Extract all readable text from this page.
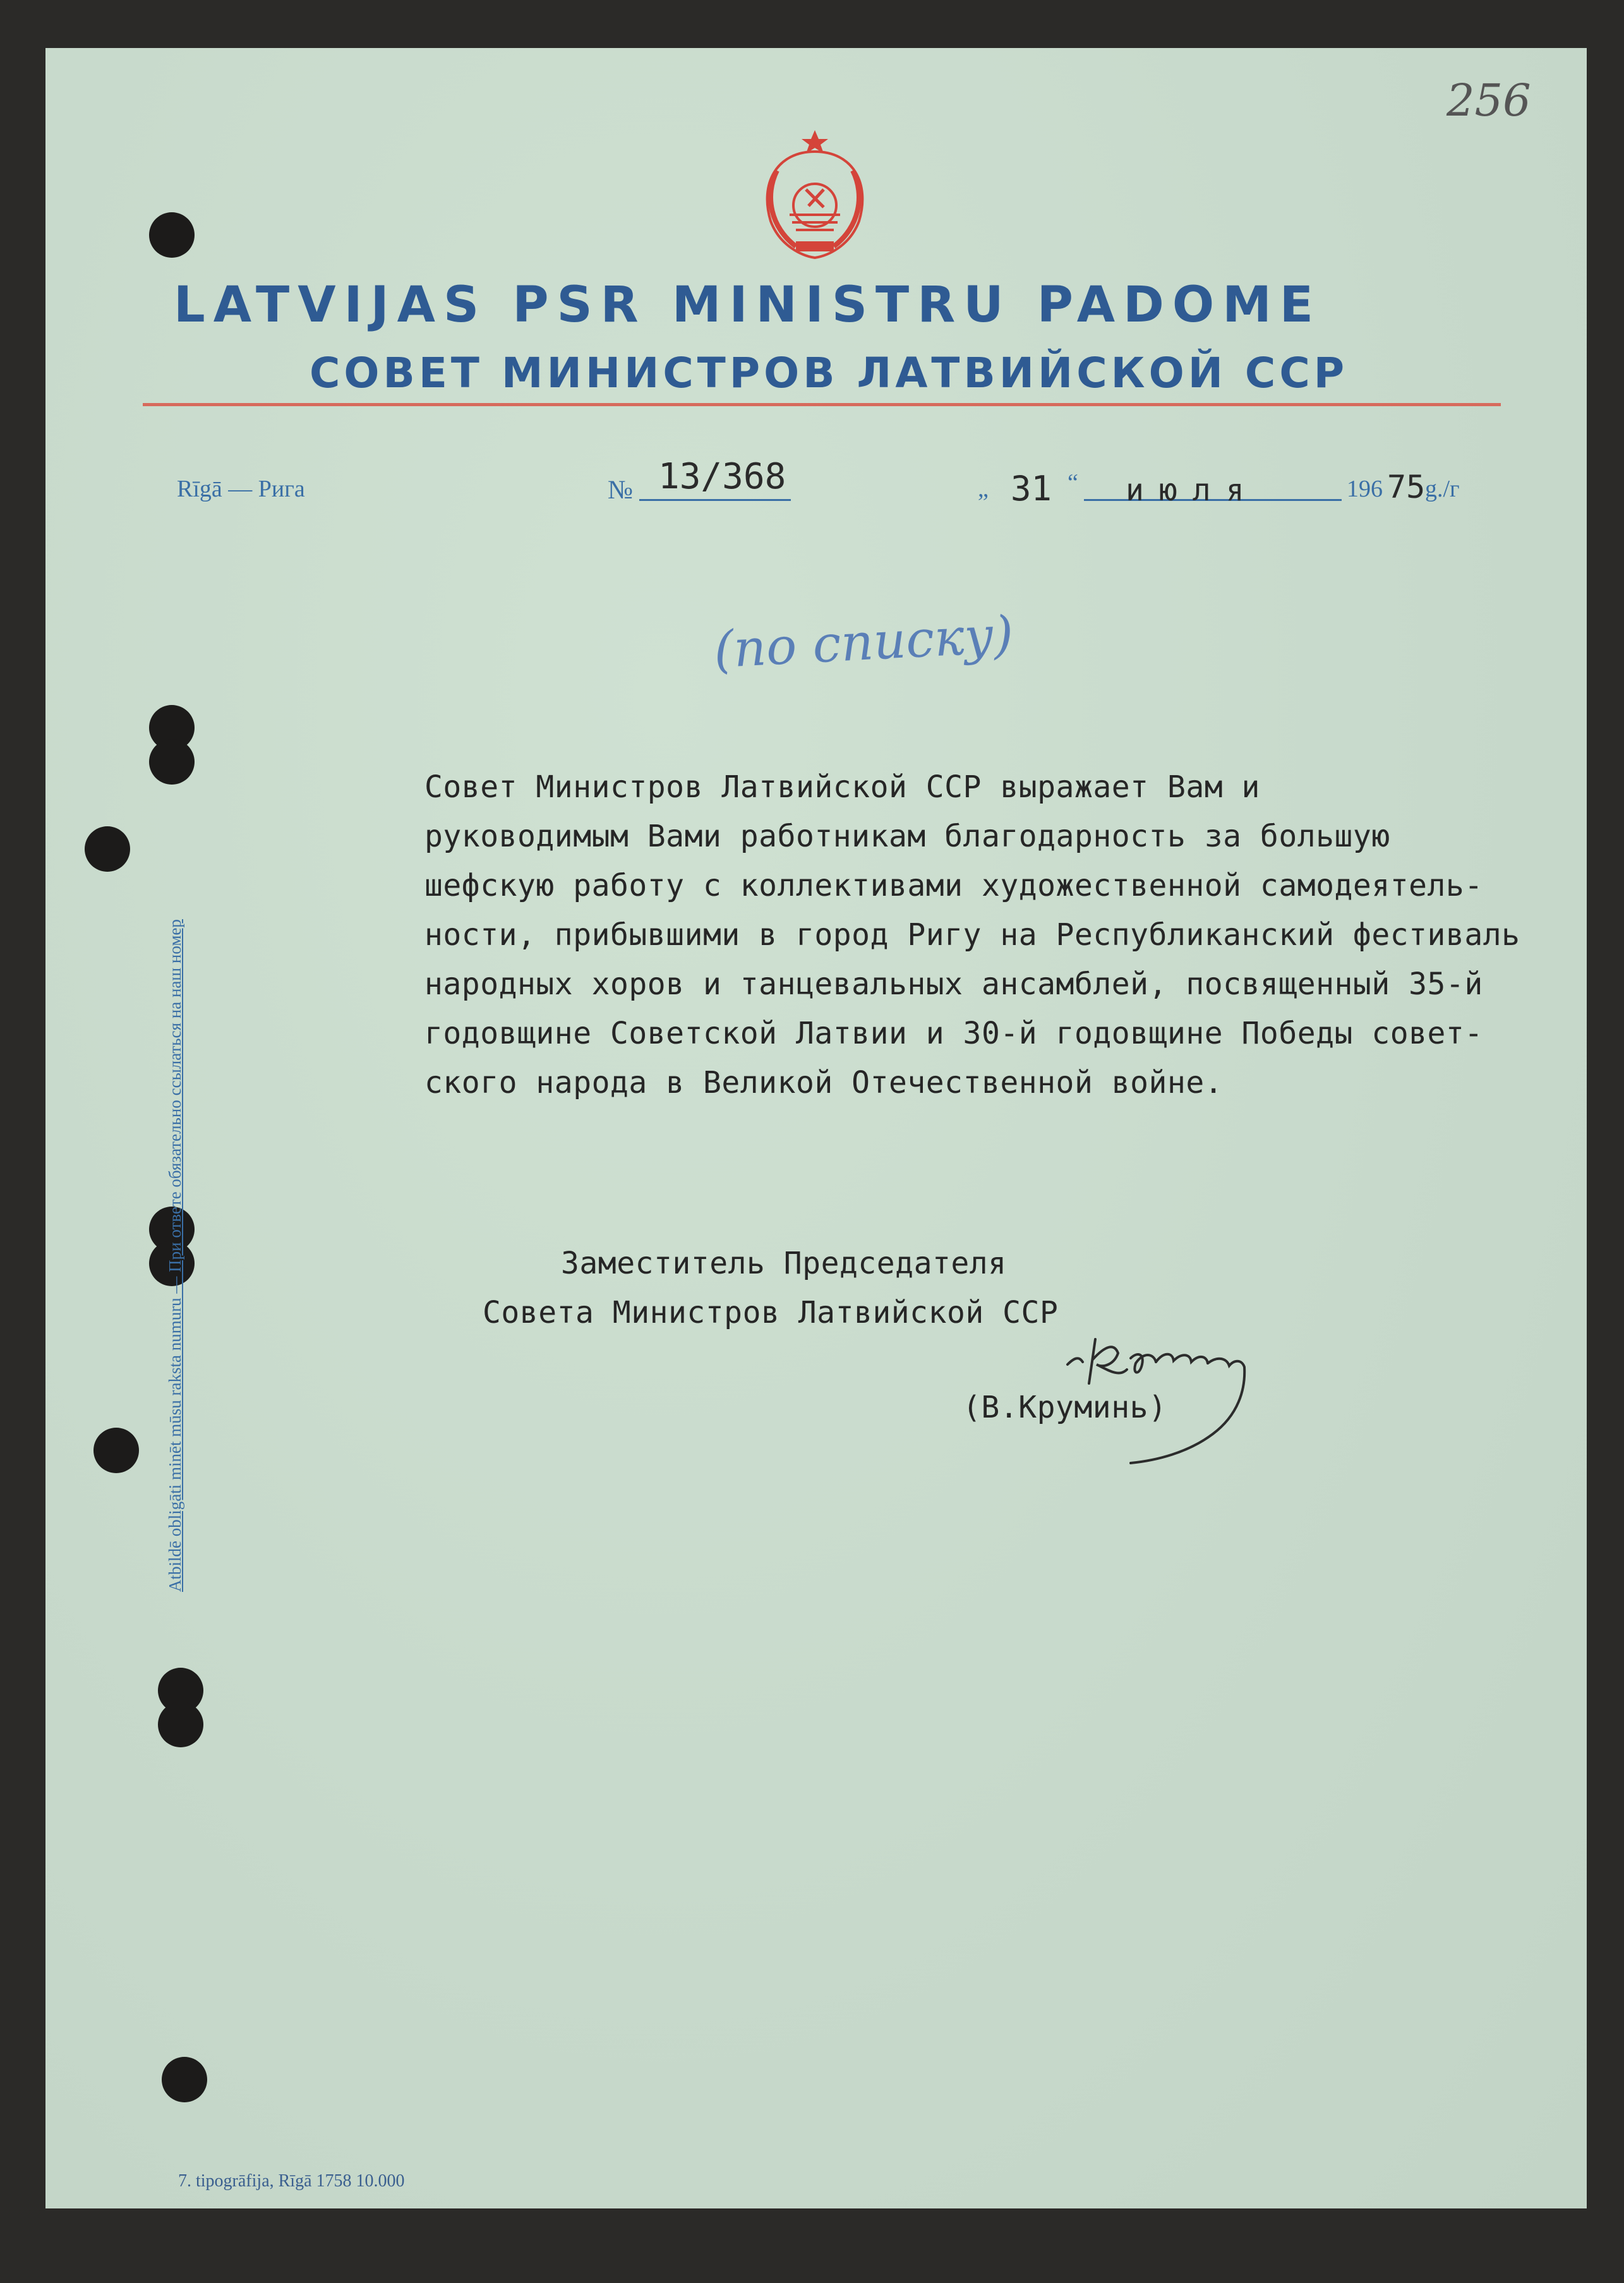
256
LATVIJAS PSR MINISTRU PADOME
СОВЕТ МИНИСТРОВ ЛАТВИЙСКОЙ ССР
Rīgā — Рига	№ 13/368	„ 31 “ июля	196 75 g./г
(по списку)
Совет Министров Латвийской ССР выражает Вам и
руководимым Вами работникам благодарность за большую
шефскую работу с коллективами художественной самодеятель-
ности, прибывшими в город Ригу на Республиканский фестиваль
народных хоров и танцевальных ансамблей, посвященный 35-й
годовщине Советской Латвии и 30-й годовщине Победы совет-
ского народа в Великой Отечественной войне.
Заместитель Председателя
Совета Министров Латвийской ССР
(В.Круминь)
Atbildē obligāti minēt mūsu raksta numuru — При ответе обязательно ссылаться на наш номер
7. tipogrāfija, Rīgā 1758 10.000
